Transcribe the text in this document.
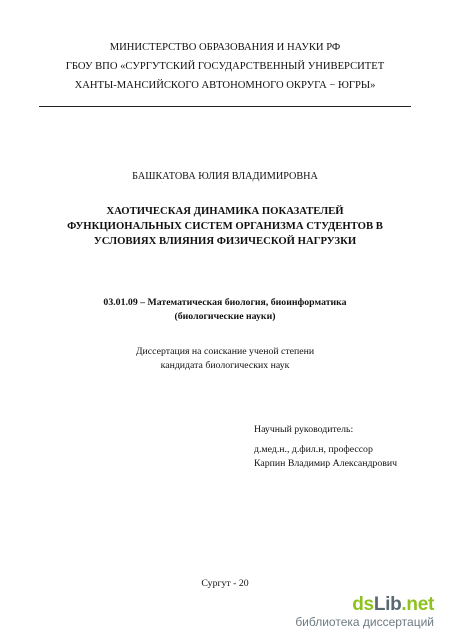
МИНИСТЕРСТВО ОБРАЗОВАНИЯ И НАУКИ РФ
ГБОУ ВПО «СУРГУТСКИЙ ГОСУДАРСТВЕННЫЙ УНИВЕРСИТЕТ
ХАНТЫ-МАНСИЙСКОГО АВТОНОМНОГО ОКРУГА − ЮГРЫ»
БАШКАТОВА ЮЛИЯ ВЛАДИМИРОВНА
ХАОТИЧЕСКАЯ ДИНАМИКА ПОКАЗАТЕЛЕЙ
ФУНКЦИОНАЛЬНЫХ СИСТЕМ ОРГАНИЗМА СТУДЕНТОВ В
УСЛОВИЯХ ВЛИЯНИЯ ФИЗИЧЕСКОЙ НАГРУЗКИ
03.01.09 – Математическая биология, биоинформатика
(биологические науки)
Диссертация на соискание ученой степени
кандидата биологических наук
Научный руководитель:
д.мед.н., д.фил.н, профессор
Карпин Владимир Александрович
Сургут - 20
dsLib.net
библиотека диссертаций
